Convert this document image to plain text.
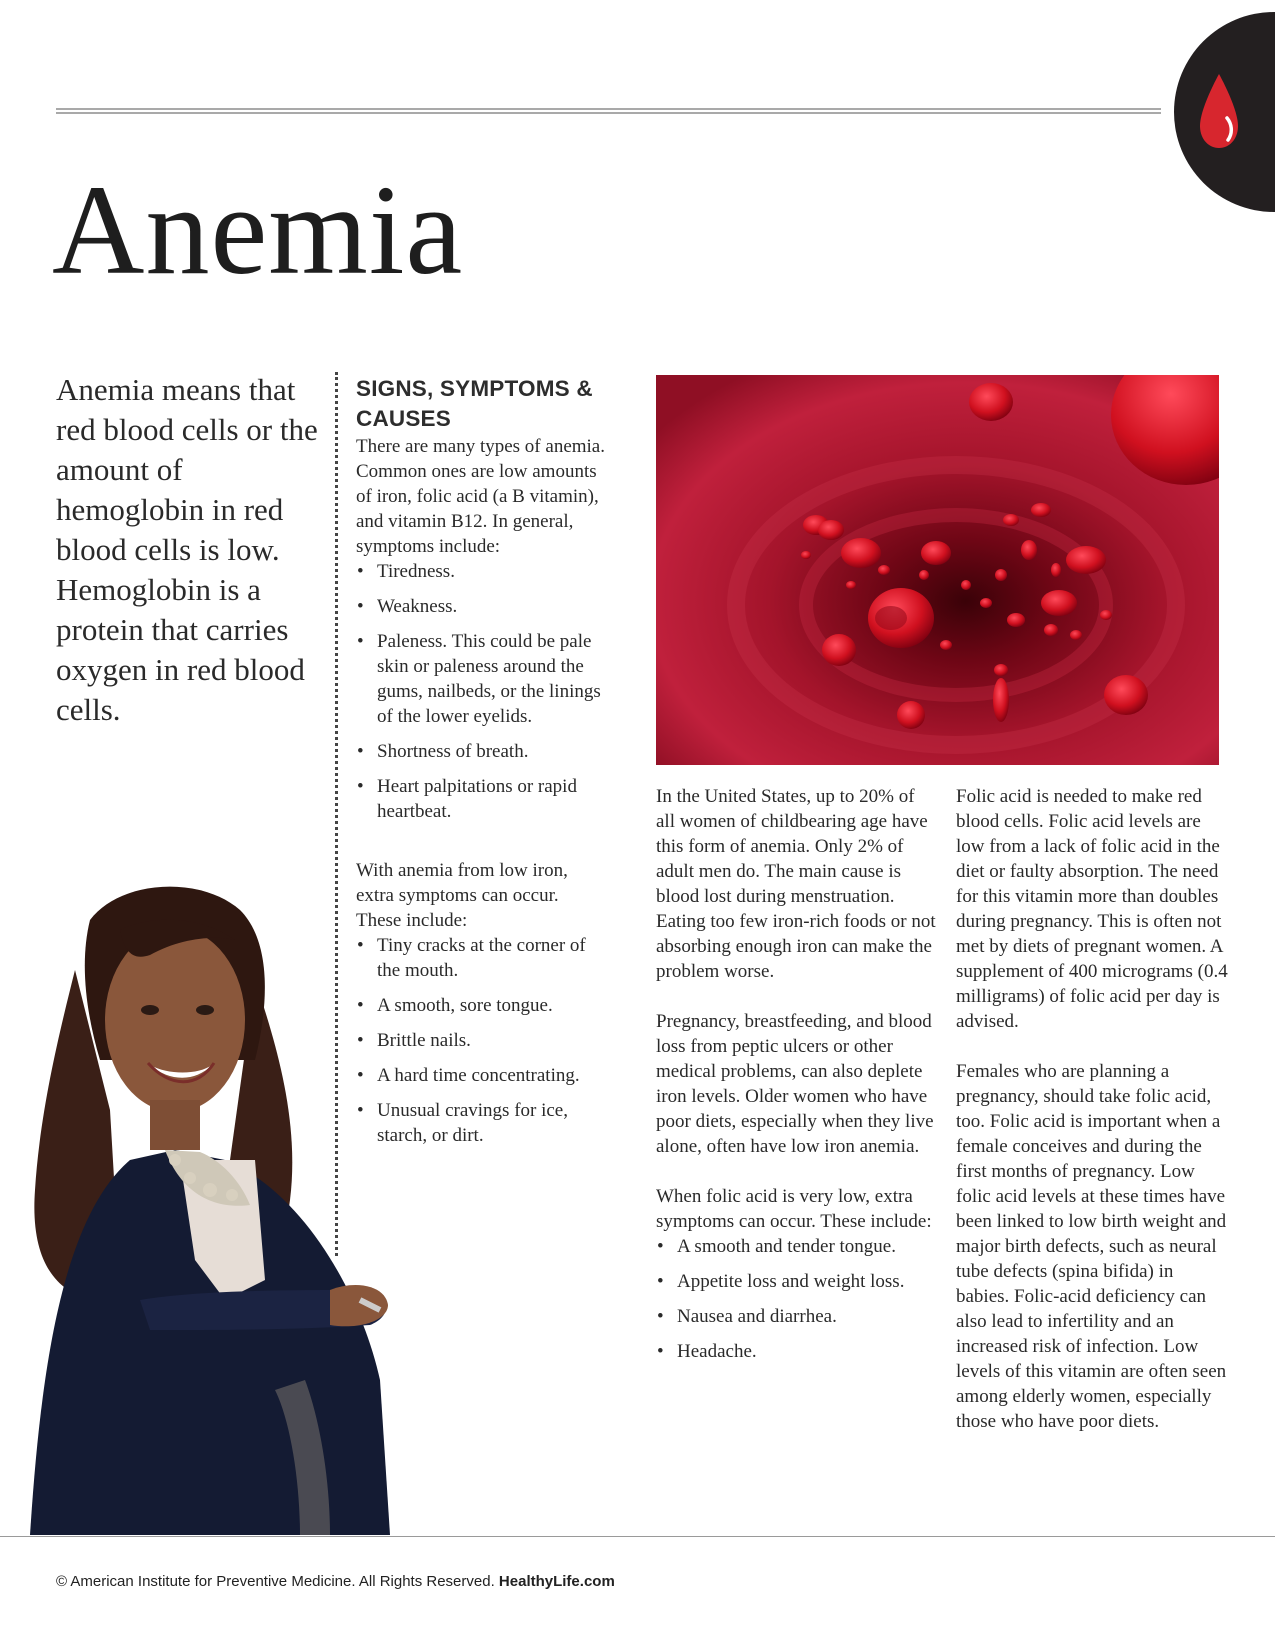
Anemia

Anemia means that red blood cells or the amount of hemoglobin in red blood cells is low. Hemoglobin is a protein that carries oxygen in red blood cells.

SIGNS, SYMPTOMS &
CAUSES

There are many types of anemia. Common ones are low amounts of iron, folic acid (a B vitamin), and vitamin B12. In general, symptoms include:

• Tiredness.
• Weakness.
• Paleness. This could be pale skin or paleness around the gums, nailbeds, or the linings of the lower eyelids.
• Shortness of breath.
• Heart palpitations or rapid heartbeat.

With anemia from low iron, extra symptoms can occur. These include:

• Tiny cracks at the corner of the mouth.
• A smooth, sore tongue.
• Brittle nails.
• A hard time concentrating.
• Unusual cravings for ice, starch, or dirt.

In the United States, up to 20% of all women of childbearing age have this form of anemia. Only 2% of adult men do. The main cause is blood lost during menstruation. Eating too few iron-rich foods or not absorbing enough iron can make the problem worse.

Pregnancy, breastfeeding, and blood loss from peptic ulcers or other medical problems, can also deplete iron levels. Older women who have poor diets, especially when they live alone, often have low iron anemia.

When folic acid is very low, extra symptoms can occur. These include:

• A smooth and tender tongue.
• Appetite loss and weight loss.
• Nausea and diarrhea.
• Headache.

Folic acid is needed to make red blood cells. Folic acid levels are low from a lack of folic acid in the diet or faulty absorption. The need for this vitamin more than doubles during pregnancy. This is often not met by diets of pregnant women. A supplement of 400 micrograms (0.4 milligrams) of folic acid per day is advised.

Females who are planning a pregnancy, should take folic acid, too. Folic acid is important when a female conceives and during the first months of pregnancy. Low folic acid levels at these times have been linked to low birth weight and major birth defects, such as neural tube defects (spina bifida) in babies. Folic-acid deficiency can also lead to infertility and an increased risk of infection. Low levels of this vitamin are often seen among elderly women, especially those who have poor diets.

© American Institute for Preventive Medicine. All Rights Reserved. HealthyLife.com
